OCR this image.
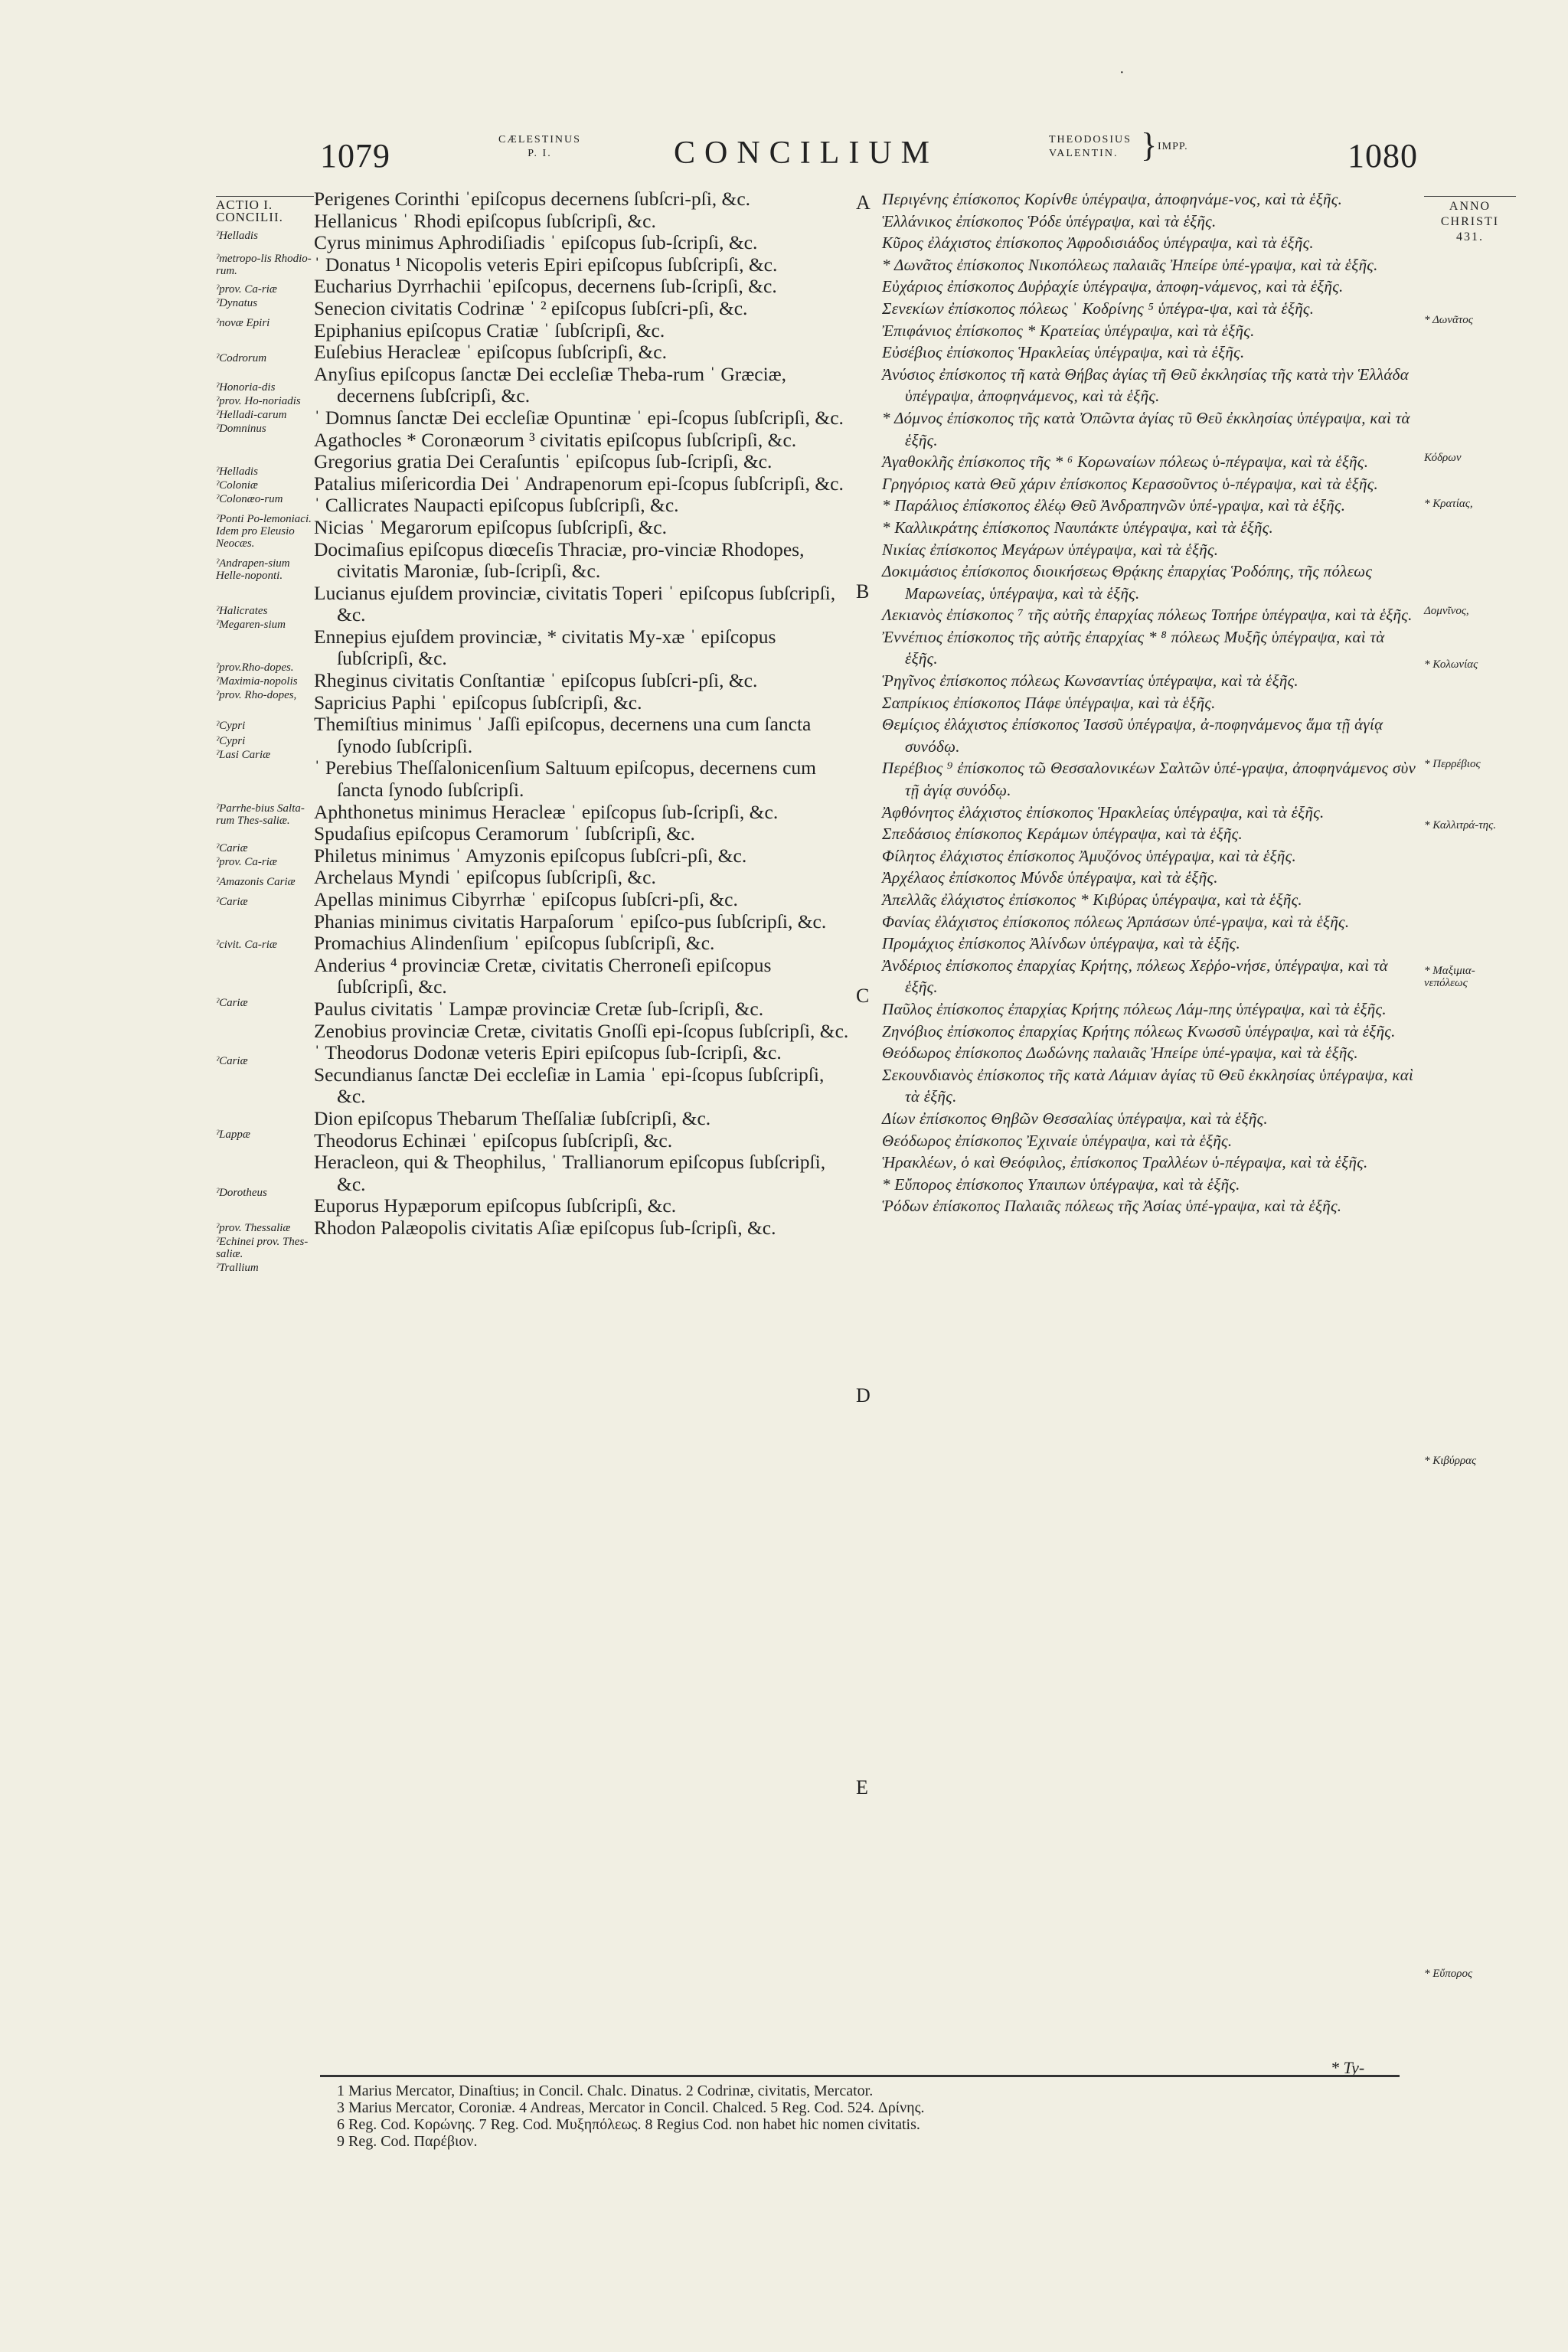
·
1079	CÆLESTINUS
P. I.	CONCILIUM	THEODOSIUS
VALENTIN. } IMPP.	1080
ACTIO I.
CONCILII.
ˀHelladis
ˀmetropo-lis Rhodio-rum.
ˀprov. Ca-riæ
ˀDynatus
ˀnovæ Epiri
ˀCodrorum
ˀHonoria-dis
ˀprov. Ho-noriadis
ˀHelladi-carum
ˀDomninus
ˀHelladis
ˀColoniæ
ˀColonæo-rum
ˀPonti Po-lemoniaci. Idem pro Eleusio Neocæs.
ˀAndrapen-sium Helle-noponti.
ˀHalicrates
ˀMegaren-sium
ˀprov.Rho-dopes.
ˀMaximia-nopolis
ˀprov. Rho-dopes,
ˀCypri
ˀCypri
ˀLasi Cariæ
ˀParrhe-bius Salta-rum Thes-saliæ.
ˀCariæ
ˀprov. Ca-riæ
ˀAmazonis Cariæ
ˀCariæ
ˀcivit. Ca-riæ
ˀCariæ
ˀCariæ
ˀLappæ
ˀDorotheus
ˀprov. Thessaliæ
ˀEchinei prov. Thes-saliæ.
ˀTrallium

Perigenes Corinthi ˈepiſcopus decernens ſubſcri-pſi, &c.

Hellanicus ˈ Rhodi epiſcopus ſubſcripſi, &c.

Cyrus minimus Aphrodiſiadis ˈ epiſcopus ſub-ſcripſi, &c.

ˈ Donatus ¹ Nicopolis veteris Epiri epiſcopus ſubſcripſi, &c.

Eucharius Dyrrhachii ˈepiſcopus, decernens ſub-ſcripſi, &c.

Senecion civitatis Codrinæ ˈ ² epiſcopus ſubſcri-pſi, &c.

Epiphanius epiſcopus Cratiæ ˈ ſubſcripſi, &c.

Euſebius Heracleæ ˈ epiſcopus ſubſcripſi, &c.

Anyſius epiſcopus ſanctæ Dei eccleſiæ Theba-rum ˈ Græciæ, decernens ſubſcripſi, &c.

ˈ Domnus ſanctæ Dei eccleſiæ Opuntinæ ˈ epi-ſcopus ſubſcripſi, &c.

Agathocles * Coronæorum ³ civitatis epiſcopus ſubſcripſi, &c.

Gregorius gratia Dei Ceraſuntis ˈ epiſcopus ſub-ſcripſi, &c.

Patalius miſericordia Dei ˈ Andrapenorum epi-ſcopus ſubſcripſi, &c.

ˈ Callicrates Naupacti epiſcopus ſubſcripſi, &c.

Nicias ˈ Megarorum epiſcopus ſubſcripſi, &c.

Docimaſius epiſcopus diœceſis Thraciæ, pro-vinciæ Rhodopes, civitatis Maroniæ, ſub-ſcripſi, &c.

Lucianus ejuſdem provinciæ, civitatis Toperi ˈ epiſcopus ſubſcripſi, &c.

Ennepius ejuſdem provinciæ, * civitatis My-xæ ˈ epiſcopus ſubſcripſi, &c.

Rheginus civitatis Conſtantiæ ˈ epiſcopus ſubſcri-pſi, &c.

Sapricius Paphi ˈ epiſcopus ſubſcripſi, &c.

Themiſtius minimus ˈ Jaſſi epiſcopus, decernens una cum ſancta ſynodo ſubſcripſi.

ˈ Perebius Theſſalonicenſium Saltuum epiſcopus, decernens cum ſancta ſynodo ſubſcripſi.

Aphthonetus minimus Heracleæ ˈ epiſcopus ſub-ſcripſi, &c.

Spudaſius epiſcopus Ceramorum ˈ ſubſcripſi, &c.

Philetus minimus ˈ Amyzonis epiſcopus ſubſcri-pſi, &c.

Archelaus Myndi ˈ epiſcopus ſubſcripſi, &c.

Apellas minimus Cibyrrhæ ˈ epiſcopus ſubſcri-pſi, &c.

Phanias minimus civitatis Harpaſorum ˈ epiſco-pus ſubſcripſi, &c.

Promachius Alindenſium ˈ epiſcopus ſubſcripſi, &c.

Anderius ⁴ provinciæ Cretæ, civitatis Cherroneſi epiſcopus ſubſcripſi, &c.

Paulus civitatis ˈ Lampæ provinciæ Cretæ ſub-ſcripſi, &c.

Zenobius provinciæ Cretæ, civitatis Gnoſſi epi-ſcopus ſubſcripſi, &c.

ˈ Theodorus Dodonæ veteris Epiri epiſcopus ſub-ſcripſi, &c.

Secundianus ſanctæ Dei eccleſiæ in Lamia ˈ epi-ſcopus ſubſcripſi, &c.

Dion epiſcopus Thebarum Theſſaliæ ſubſcripſi, &c.

Theodorus Echinæi ˈ epiſcopus ſubſcripſi, &c.

Heracleon, qui & Theophilus, ˈ Trallianorum epiſcopus ſubſcripſi, &c.

Euporus Hypæporum epiſcopus ſubſcripſi, &c.

Rhodon Palæopolis civitatis Aſiæ epiſcopus ſub-ſcripſi, &c.

A
B
C
D
E

Περιγένης ἐπίσκοπος Κορίνθε ὑπέγραψα, ἀποφηνάμε-νος, καὶ τὰ ἑξῆς.

Ἑλλάνικος ἐπίσκοπος Ῥόδε ὑπέγραψα, καὶ τὰ ἑξῆς.

Κῦρος ἐλάχιστος ἐπίσκοπος Ἀφροδισιάδος ὑπέγραψα, καὶ τὰ ἑξῆς.

* Δωνᾶτος ἐπίσκοπος Νικοπόλεως παλαιᾶς Ἠπείρε ὑπέ-γραψα, καὶ τὰ ἑξῆς.

Εὐχάριος ἐπίσκοπος Δυῤῥαχίε ὑπέγραψα, ἀποφη-νάμενος, καὶ τὰ ἑξῆς.

Σενεκίων ἐπίσκοπος πόλεως ˈ Κοδρίνης ⁵ ὑπέγρα-ψα, καὶ τὰ ἑξῆς.

Ἐπιφάνιος ἐπίσκοπος * Κρατείας ὑπέγραψα, καὶ τὰ ἑξῆς.

Εὐσέβιος ἐπίσκοπος Ἡρακλείας ὑπέγραψα, καὶ τὰ ἑξῆς.

Ἀνύσιος ἐπίσκοπος τῆ κατὰ Θήβας ἁγίας τῆ Θεῦ ἐκκλησίας τῆς κατὰ τὴν Ἑλλάδα ὑπέγραψα, ἀποφηνάμενος, καὶ τὰ ἑξῆς.

* Δόμνος ἐπίσκοπος τῆς κατὰ Ὀπῶντα ἁγίας τῦ Θεῦ ἐκκλησίας ὑπέγραψα, καὶ τὰ ἑξῆς.

Ἀγαθοκλῆς ἐπίσκοπος τῆς * ⁶ Κορωναίων πόλεως ὑ-πέγραψα, καὶ τὰ ἑξῆς.

Γρηγόριος κατὰ Θεῦ χάριν ἐπίσκοπος Κερασοῦντος ὑ-πέγραψα, καὶ τὰ ἑξῆς.

* Παράλιος ἐπίσκοπος ἐλέῳ Θεῦ Ἀνδραπηνῶν ὑπέ-γραψα, καὶ τὰ ἑξῆς.

* Καλλικράτης ἐπίσκοπος Ναυπάκτε ὑπέγραψα, καὶ τὰ ἑξῆς.

Νικίας ἐπίσκοπος Μεγάρων ὑπέγραψα, καὶ τὰ ἑξῆς.

Δοκιμάσιος ἐπίσκοπος διοικήσεως Θρᾴκης ἐπαρχίας Ῥοδόπης, τῆς πόλεως Μαρωνείας, ὑπέγραψα, καὶ τὰ ἑξῆς.

Λεκιανὸς ἐπίσκοπος ⁷ τῆς αὐτῆς ἐπαρχίας πόλεως Τοπήρε ὑπέγραψα, καὶ τὰ ἑξῆς.

Ἐννέπιος ἐπίσκοπος τῆς αὐτῆς ἐπαρχίας * ⁸ πόλεως Μυξῆς ὑπέγραψα, καὶ τὰ ἑξῆς.

Ῥηγῖνος ἐπίσκοπος πόλεως Κωνσαντίας ὑπέγραψα, καὶ τὰ ἑξῆς.

Σαπρίκιος ἐπίσκοπος Πάφε ὑπέγραψα, καὶ τὰ ἑξῆς.

Θεμίςιος ἐλάχιστος ἐπίσκοπος Ἰασσῦ ὑπέγραψα, ἀ-ποφηνάμενος ἅμα τῇ ἁγίᾳ συνόδῳ.

Περέβιος ⁹ ἐπίσκοπος τῶ Θεσσαλονικέων Σαλτῶν ὑπέ-γραψα, ἀποφηνάμενος σὺν τῇ ἁγίᾳ συνόδῳ.

Ἀφθόνητος ἐλάχιστος ἐπίσκοπος Ἡρακλείας ὑπέγραψα, καὶ τὰ ἑξῆς.

Σπεδάσιος ἐπίσκοπος Κεράμων ὑπέγραψα, καὶ τὰ ἑξῆς.

Φίλητος ἐλάχιστος ἐπίσκοπος Ἀμυζόνος ὑπέγραψα, καὶ τὰ ἑξῆς.

Ἀρχέλαος ἐπίσκοπος Μύνδε ὑπέγραψα, καὶ τὰ ἑξῆς.

Ἀπελλᾶς ἐλάχιστος ἐπίσκοπος * Κιβύρας ὑπέγραψα, καὶ τὰ ἑξῆς.

Φανίας ἐλάχιστος ἐπίσκοπος πόλεως Ἁρπάσων ὑπέ-γραψα, καὶ τὰ ἑξῆς.

Προμάχιος ἐπίσκοπος Ἀλίνδων ὑπέγραψα, καὶ τὰ ἑξῆς.

Ἀνδέριος ἐπίσκοπος ἐπαρχίας Κρήτης, πόλεως Χεῤῥο-νήσε, ὑπέγραψα, καὶ τὰ ἑξῆς.

Παῦλος ἐπίσκοπος ἐπαρχίας Κρήτης πόλεως Λάμ-πης ὑπέγραψα, καὶ τὰ ἑξῆς.

Ζηνόβιος ἐπίσκοπος ἐπαρχίας Κρήτης πόλεως Κνωσσῦ ὑπέγραψα, καὶ τὰ ἑξῆς.

Θεόδωρος ἐπίσκοπος Δωδώνης παλαιᾶς Ἠπείρε ὑπέ-γραψα, καὶ τὰ ἑξῆς.

Σεκουνδιανὸς ἐπίσκοπος τῆς κατὰ Λάμιαν ἁγίας τῦ Θεῦ ἐκκλησίας ὑπέγραψα, καὶ τὰ ἑξῆς.

Δίων ἐπίσκοπος Θηβῶν Θεσσαλίας ὑπέγραψα, καὶ τὰ ἑξῆς.

Θεόδωρος ἐπίσκοπος Ἐχιναίε ὑπέγραψα, καὶ τὰ ἑξῆς.

Ἡρακλέων, ὁ καὶ Θεόφιλος, ἐπίσκοπος Τραλλέων ὑ-πέγραψα, καὶ τὰ ἑξῆς.

* Εὔπορος ἐπίσκοπος Υπαιπων ὑπέγραψα, καὶ τὰ ἑξῆς.

Ῥόδων ἐπίσκοπος Παλαιᾶς πόλεως τῆς Ἀσίας ὑπέ-γραψα, καὶ τὰ ἑξῆς.

ANNO
CHRISTI
431.
* Δωνᾶτος
Κόδρων
* Κρατίας,
Δομνῖνος,
* Κολωνίας
* Περρέβιος
* Καλλιτρά-της.
* Μαξιμια-νεπόλεως
* Κιβύρρας
* Εὔπορος
* Ty-

1 Marius Mercator, Dinaſtius; in Concil. Chalc. Dinatus. 2 Codrinæ, civitatis, Mercator.

3 Marius Mercator, Coroniæ. 4 Andreas, Mercator in Concil. Chalced. 5 Reg. Cod. 524. Δρίνης.

6 Reg. Cod. Κορώνης. 7 Reg. Cod. Μυξηπόλεως. 8 Regius Cod. non habet hic nomen civitatis.

9 Reg. Cod. Παρέβιον.
